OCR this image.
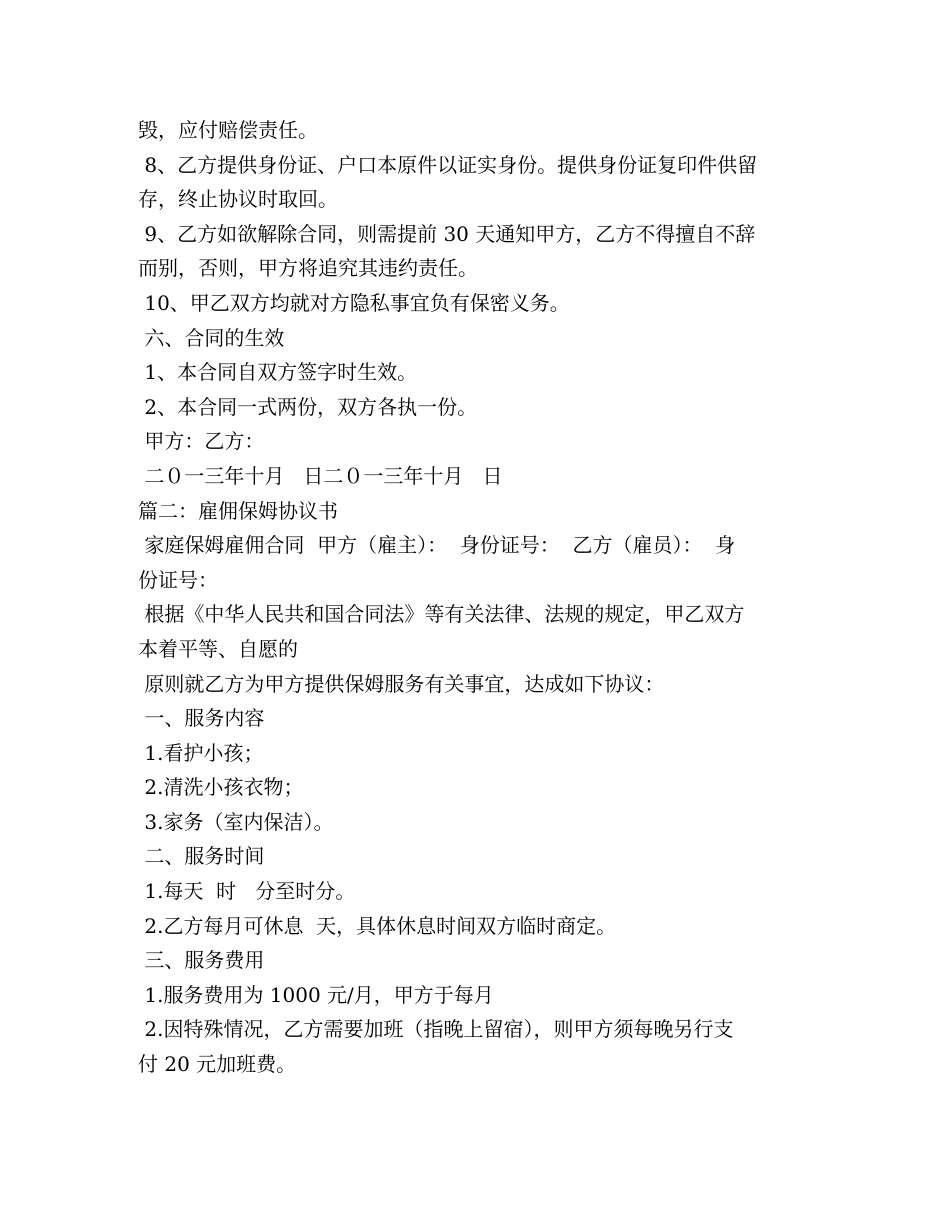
毁，应付赔偿责任。
8、乙方提供身份证、户口本原件以证实身份。提供身份证复印件供留
存，终止协议时取回。
9、乙方如欲解除合同，则需提前 30 天通知甲方，乙方不得擅自不辞
而别，否则，甲方将追究其违约责任。
10、甲乙双方均就对方隐私事宜负有保密义务。
六、合同的生效
1、本合同自双方签字时生效。
2、本合同一式两份，双方各执一份。
甲方：乙方：
二０一三年十月   日二０一三年十月   日
篇二：雇佣保姆协议书
家庭保姆雇佣合同  甲方（雇主）：  身份证号：  乙方（雇员）：  身
份证号：
根据《中华人民共和国合同法》等有关法律、法规的规定，甲乙双方
本着平等、自愿的
原则就乙方为甲方提供保姆服务有关事宜，达成如下协议：
一、服务内容
1.看护小孩；
2.清洗小孩衣物；
3.家务（室内保洁）。
二、服务时间
1.每天  时   分至时分。
2.乙方每月可休息  天，具体休息时间双方临时商定。
三、服务费用
1.服务费用为 1000 元/月，甲方于每月
2.因特殊情况，乙方需要加班（指晚上留宿），则甲方须每晚另行支
付 20 元加班费。
